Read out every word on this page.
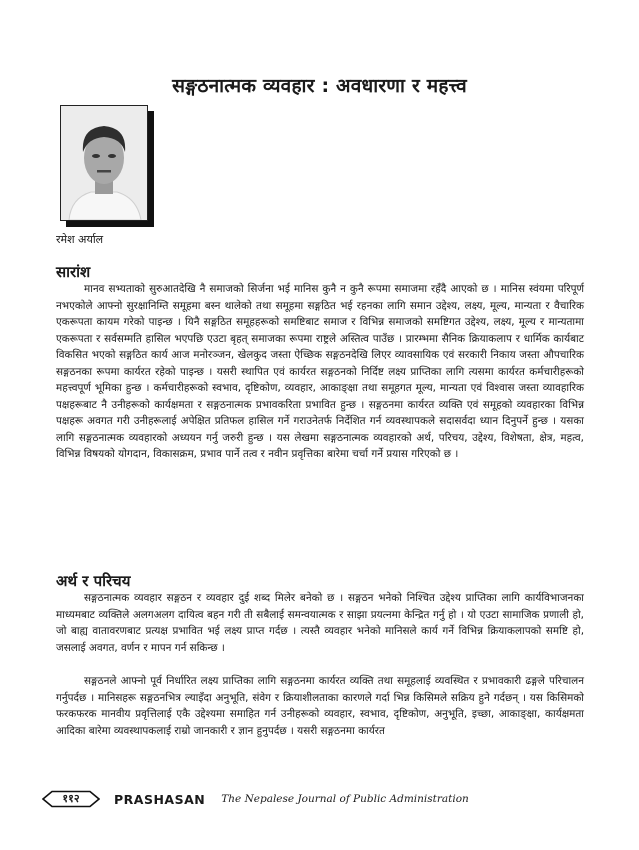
सङ्गठनात्मक व्यवहार : अवधारणा र महत्त्व
रमेश अर्याल
सारांश

मानव सभ्यताको सुरुआतदेखि नै समाजको सिर्जना भई मानिस कुनै न कुनै रूपमा समाजमा रहँदै आएको छ । मानिस स्वंयमा परिपूर्ण नभएकोले आफ्नो सुरक्षानिम्ति समूहमा बस्न थालेको तथा समूहमा सङ्गठित भई रहनका लागि समान उद्देश्य, लक्ष्य, मूल्य, मान्यता र वैचारिक एकरूपता कायम गरेको पाइन्छ । यिनै सङ्गठित समूहहरूको समष्टिबाट समाज र विभिन्न समाजको समष्टिगत उद्देश्य, लक्ष्य, मूल्य र मान्यतामा एकरूपता र सर्वसम्मति हासिल भएपछि एउटा बृहत् समाजका रूपमा राष्ट्रले अस्तित्व पाउँछ । प्रारम्भमा सैनिक क्रियाकलाप र धार्मिक कार्यबाट विकसित भएको सङ्गठित कार्य आज मनोरञ्जन, खेलकुद जस्ता ऐच्छिक सङ्गठनदेखि लिएर व्यावसायिक एवं सरकारी निकाय जस्ता औपचारिक सङ्गठनका रूपमा कार्यरत रहेको पाइन्छ । यसरी स्थापित एवं कार्यरत सङ्गठनको निर्दिष्ट लक्ष्य प्राप्तिका लागि त्यसमा कार्यरत कर्मचारीहरूको महत्त्वपूर्ण भूमिका हुन्छ । कर्मचारीहरूको स्वभाव, दृष्टिकोण, व्यवहार, आकाङ्क्षा तथा समूहगत मूल्य, मान्यता एवं विश्वास जस्ता व्यावहारिक पक्षहरूबाट नै उनीहरूको कार्यक्षमता र सङ्गठनात्मक प्रभावकरिता प्रभावित हुन्छ । सङ्गठनमा कार्यरत व्यक्ति एवं समूहको व्यवहारका विभिन्न पक्षहरू अवगत गरी उनीहरूलाई अपेक्षित प्रतिफल हासिल गर्ने गराउनेतर्फ निर्देशित गर्न व्यवस्थापकले सदासर्वदा ध्यान दिनुपर्ने हुन्छ । यसका लागि सङ्गठनात्मक व्यवहारको अध्ययन गर्नु जरुरी हुन्छ । यस लेखमा सङ्गठनात्मक व्यवहारको अर्थ, परिचय, उद्देश्य, विशेषता, क्षेत्र, महत्व, विभिन्न विषयको योगदान, विकासक्रम, प्रभाव पार्ने तत्व र नवीन प्रवृत्तिका बारेमा चर्चा गर्ने प्रयास गरिएको छ ।

अर्थ र परिचय

सङ्गठनात्मक व्यवहार सङ्गठन र व्यवहार दुई शब्द मिलेर बनेको छ । सङ्गठन भनेको निश्चित उद्देश्य प्राप्तिका लागि कार्यविभाजनका माध्यमबाट व्यक्तिले अलगअलग दायित्व बहन गरी ती सबैलाई समन्वयात्मक र साझा प्रयत्नमा केन्द्रित गर्नु हो । यो एउटा सामाजिक प्रणाली हो, जो बाह्य वातावरणबाट प्रत्यक्ष प्रभावित भई लक्ष्य प्राप्त गर्दछ । त्यस्तै व्यवहार भनेको मानिसले कार्य गर्ने विभिन्न क्रियाकलापको समष्टि हो, जसलाई अवगत, वर्णन र मापन गर्न सकिन्छ ।

सङ्गठनले आफ्नो पूर्व निर्धारित लक्ष्य प्राप्तिका लागि सङ्गठनमा कार्यरत व्यक्ति तथा समूहलाई व्यवस्थित र प्रभावकारी ढङ्गले परिचालन गर्नुपर्दछ । मानिसहरू सङ्गठनभित्र ल्याइँदा अनुभूति, संवेग र क्रियाशीलताका कारणले गर्दा भिन्न किसिमले सक्रिय हुने गर्दछन् । यस किसिमको फरकफरक मानवीय प्रवृत्तिलाई एकै उद्देश्यमा समाहित गर्न उनीहरूको व्यवहार, स्वभाव, दृष्टिकोण, अनुभूति, इच्छा, आकाङ्क्षा, कार्यक्षमता आदिका बारेमा व्यवस्थापकलाई राम्रो जानकारी र ज्ञान हुनुपर्दछ । यसरी सङ्गठनमा कार्यरत

११२	PRASHASAN The Nepalese Journal of Public Administration
